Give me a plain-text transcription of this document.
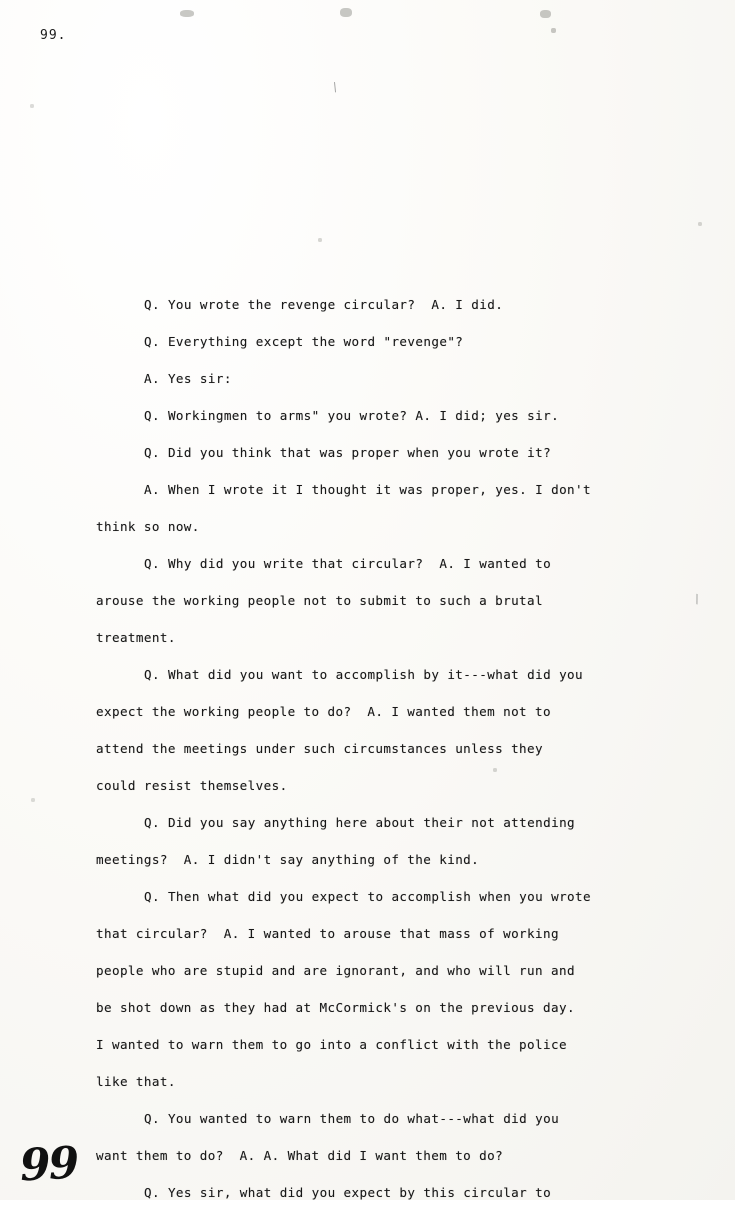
99.
\
\
Q. You wrote the revenge circular?  A. I did.
Q. Everything except the word "revenge"?
A. Yes sir:
Q. Workingmen to arms" you wrote? A. I did; yes sir.
Q. Did you think that was proper when you wrote it?
A. When I wrote it I thought it was proper, yes. I don't
think so now.
Q. Why did you write that circular?  A. I wanted to
arouse the working people not to submit to such a brutal
treatment.
Q. What did you want to accomplish by it---what did you
expect the working people to do?  A. I wanted them not to
attend the meetings under such circumstances unless they
could resist themselves.
Q. Did you say anything here about their not attending
meetings?  A. I didn't say anything of the kind.
Q. Then what did you expect to accomplish when you wrote
that circular?  A. I wanted to arouse that mass of working
people who are stupid and are ignorant, and who will run and
be shot down as they had at McCormick's on the previous day.
I wanted to warn them to go into a conflict with the police
like that.
Q. You wanted to warn them to do what---what did you
want them to do?  A. A. What did I want them to do?
Q. Yes sir, what did you expect by this circular to
99
